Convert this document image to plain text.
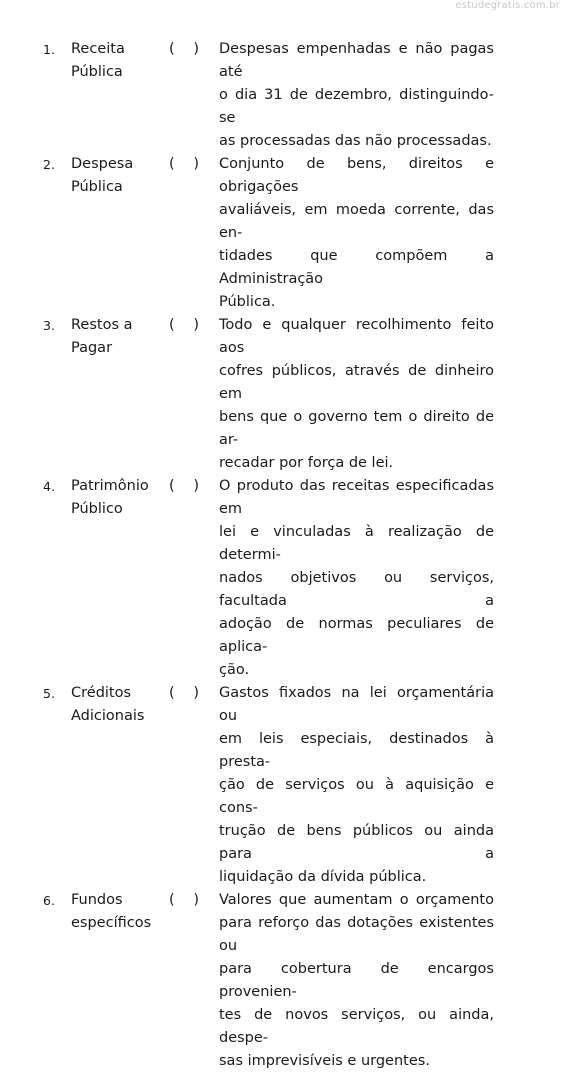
estudegratis.com.br
1. Receita
Pública
( ) Despesas empenhadas e não pagas até
o dia 31 de dezembro, distinguindo-se
as processadas das não processadas.
2. Despesa
Pública
( ) Conjunto de bens, direitos e obrigações
avaliáveis, em moeda corrente, das en-
tidades que compõem a Administração
Pública.
3. Restos a
Pagar
( ) Todo e qualquer recolhimento feito aos
cofres públicos, através de dinheiro em
bens que o governo tem o direito de ar-
recadar por força de lei.
4. Patrimônio
Público
( ) O produto das receitas especificadas em
lei e vinculadas à realização de determi-
nados objetivos ou serviços, facultada a
adoção de normas peculiares de aplica-
ção.
5. Créditos
Adicionais
( ) Gastos fixados na lei orçamentária ou
em leis especiais, destinados à presta-
ção de serviços ou à aquisição e cons-
trução de bens públicos ou ainda para a
liquidação da dívida pública.
6. Fundos
específicos
( ) Valores que aumentam o orçamento
para reforço das dotações existentes ou
para cobertura de encargos provenien-
tes de novos serviços, ou ainda, despe-
sas imprevisíveis e urgentes.
